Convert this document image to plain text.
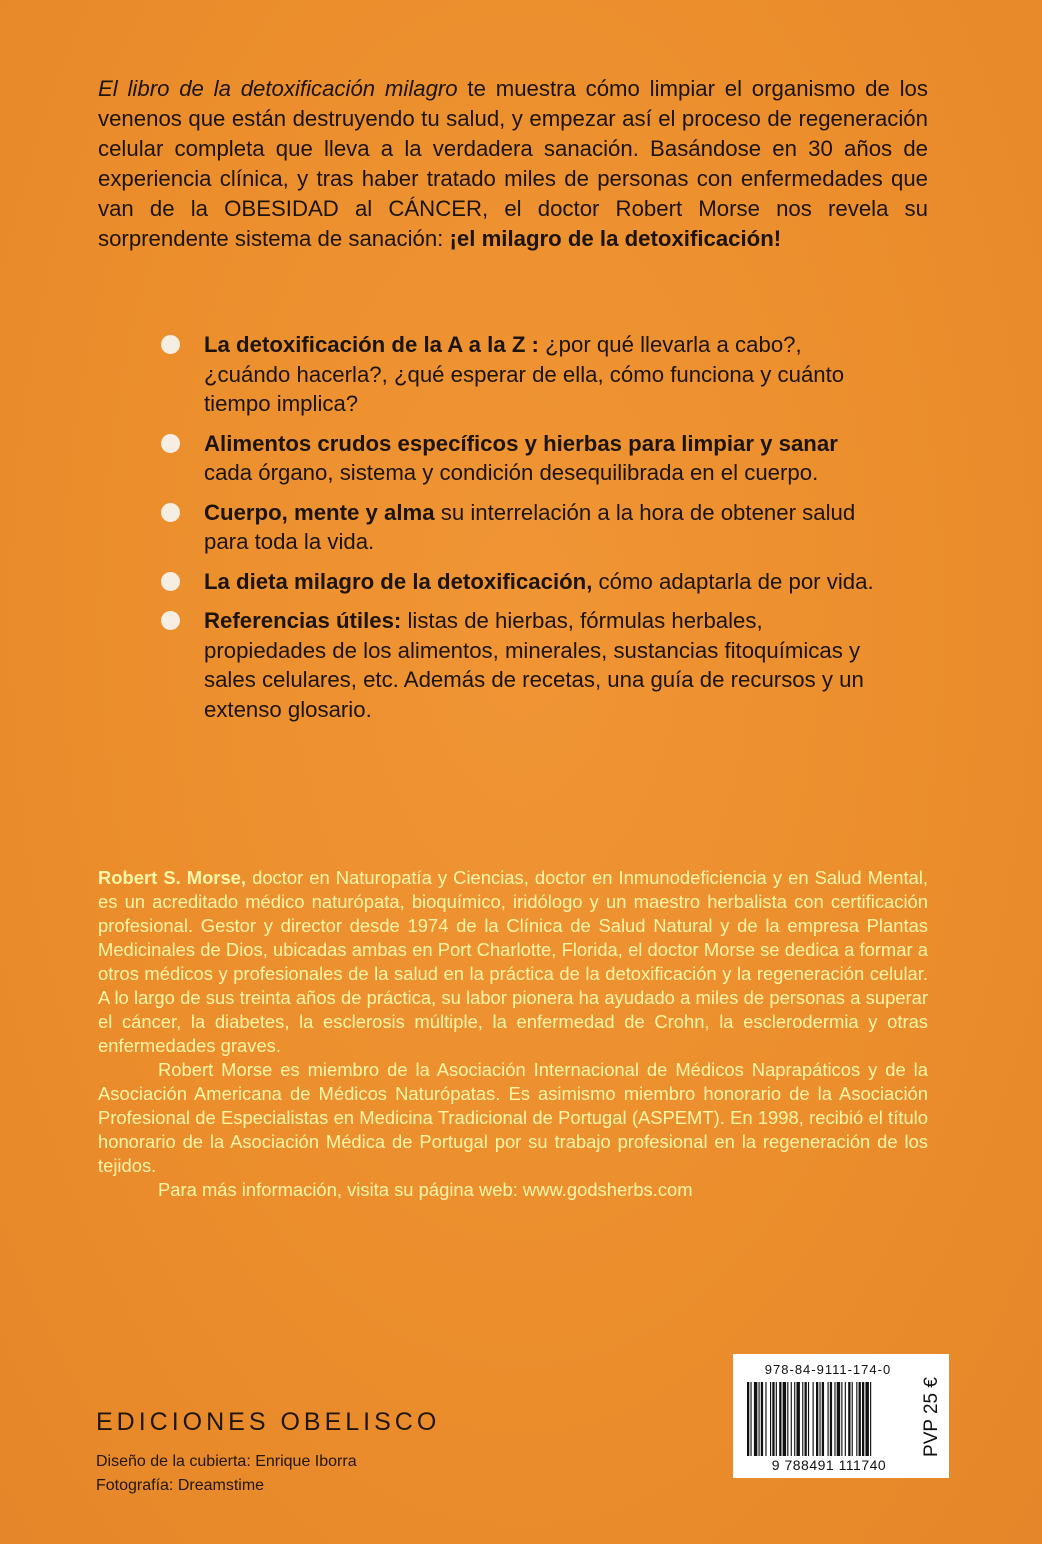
El libro de la detoxificación milagro te muestra cómo limpiar el organismo de los venenos que están destruyendo tu salud, y empezar así el proceso de regeneración celular completa que lleva a la verdadera sanación. Basándose en 30 años de experiencia clínica, y tras haber tratado miles de personas con enfermedades que van de la OBESIDAD al CÁNCER, el doctor Robert Morse nos revela su sorprendente sistema de sanación: ¡el milagro de la detoxificación!

La detoxificación de la A a la Z : ¿por qué llevarla a cabo?, ¿cuándo hacerla?, ¿qué esperar de ella, cómo funciona y cuánto tiempo implica?
Alimentos crudos específicos y hierbas para limpiar y sanar cada órgano, sistema y condición desequilibrada en el cuerpo.
Cuerpo, mente y alma su interrelación a la hora de obtener salud para toda la vida.
La dieta milagro de la detoxificación, cómo adaptarla de por vida.
Referencias útiles: listas de hierbas, fórmulas herbales, propiedades de los alimentos, minerales, sustancias fitoquímicas y sales celulares, etc. Además de recetas, una guía de recursos y un extenso glosario.

Robert S. Morse, doctor en Naturopatía y Ciencias, doctor en Inmunodeficiencia y en Salud Mental, es un acreditado médico naturópata, bioquímico, iridólogo y un maestro herbalista con certificación profesional. Gestor y director desde 1974 de la Clínica de Salud Natural y de la empresa Plantas Medicinales de Dios, ubicadas ambas en Port Charlotte, Florida, el doctor Morse se dedica a formar a otros médicos y profesionales de la salud en la práctica de la detoxificación y la regeneración celular. A lo largo de sus treinta años de práctica, su labor pionera ha ayudado a miles de personas a superar el cáncer, la diabetes, la esclerosis múltiple, la enfermedad de Crohn, la esclerodermia y otras enfermedades graves.

Robert Morse es miembro de la Asociación Internacional de Médicos Naprapáticos y de la Asociación Americana de Médicos Naturópatas. Es asimismo miembro honorario de la Asociación Profesional de Especialistas en Medicina Tradicional de Portugal (ASPEMT). En 1998, recibió el título honorario de la Asociación Médica de Portugal por su trabajo profesional en la regeneración de los tejidos.

Para más información, visita su página web: www.godsherbs.com

EDICIONES OBELISCO
Diseño de la cubierta: Enrique Iborra
Fotografía: Dreamstime
978-84-9111-174-0
9 788491 111740
PVP 25 €
